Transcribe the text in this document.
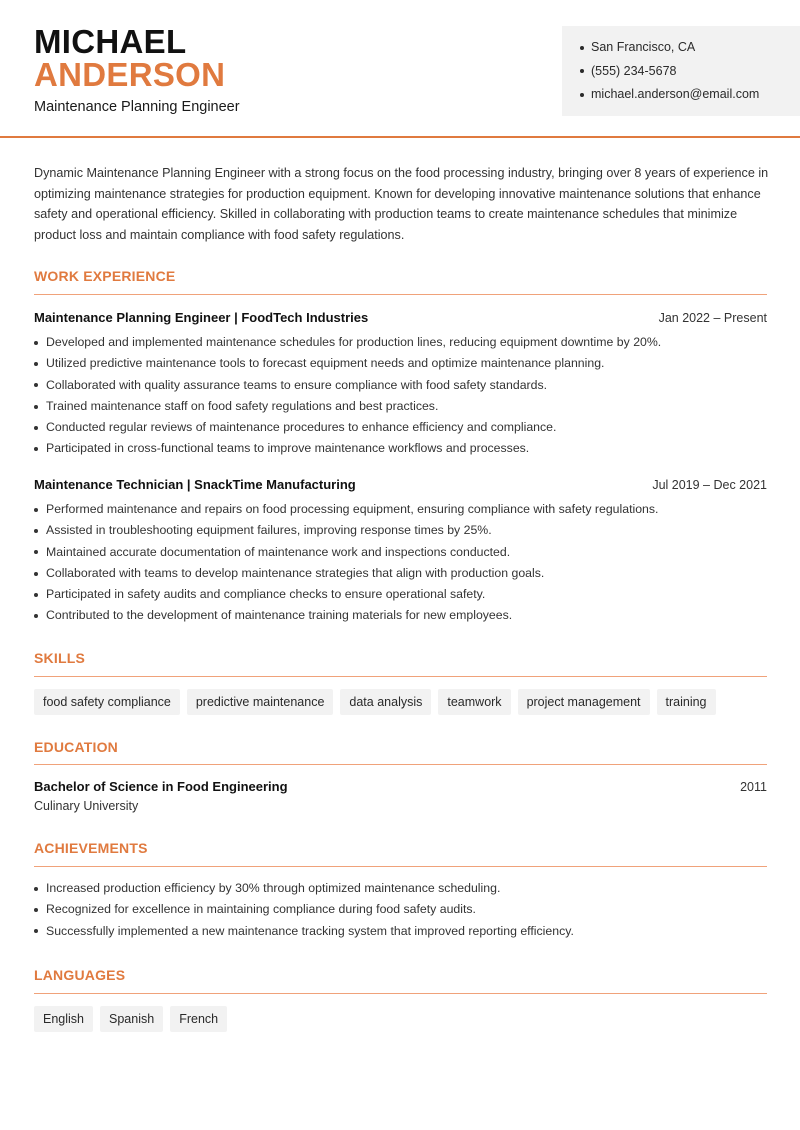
MICHAEL
ANDERSON
Maintenance Planning Engineer
San Francisco, CA
(555) 234-5678
michael.anderson@email.com
Dynamic Maintenance Planning Engineer with a strong focus on the food processing industry, bringing over 8 years of experience in optimizing maintenance strategies for production equipment. Known for developing innovative maintenance solutions that enhance safety and operational efficiency. Skilled in collaborating with production teams to create maintenance schedules that minimize product loss and maintain compliance with food safety regulations.
WORK EXPERIENCE
Maintenance Planning Engineer | FoodTech Industries	Jan 2022 – Present
Developed and implemented maintenance schedules for production lines, reducing equipment downtime by 20%.
Utilized predictive maintenance tools to forecast equipment needs and optimize maintenance planning.
Collaborated with quality assurance teams to ensure compliance with food safety standards.
Trained maintenance staff on food safety regulations and best practices.
Conducted regular reviews of maintenance procedures to enhance efficiency and compliance.
Participated in cross-functional teams to improve maintenance workflows and processes.
Maintenance Technician | SnackTime Manufacturing	Jul 2019 – Dec 2021
Performed maintenance and repairs on food processing equipment, ensuring compliance with safety regulations.
Assisted in troubleshooting equipment failures, improving response times by 25%.
Maintained accurate documentation of maintenance work and inspections conducted.
Collaborated with teams to develop maintenance strategies that align with production goals.
Participated in safety audits and compliance checks to ensure operational safety.
Contributed to the development of maintenance training materials for new employees.
SKILLS
food safety compliance	predictive maintenance	data analysis	teamwork	project management	training
EDUCATION
Bachelor of Science in Food Engineering	2011
Culinary University
ACHIEVEMENTS
Increased production efficiency by 30% through optimized maintenance scheduling.
Recognized for excellence in maintaining compliance during food safety audits.
Successfully implemented a new maintenance tracking system that improved reporting efficiency.
LANGUAGES
English	Spanish	French
